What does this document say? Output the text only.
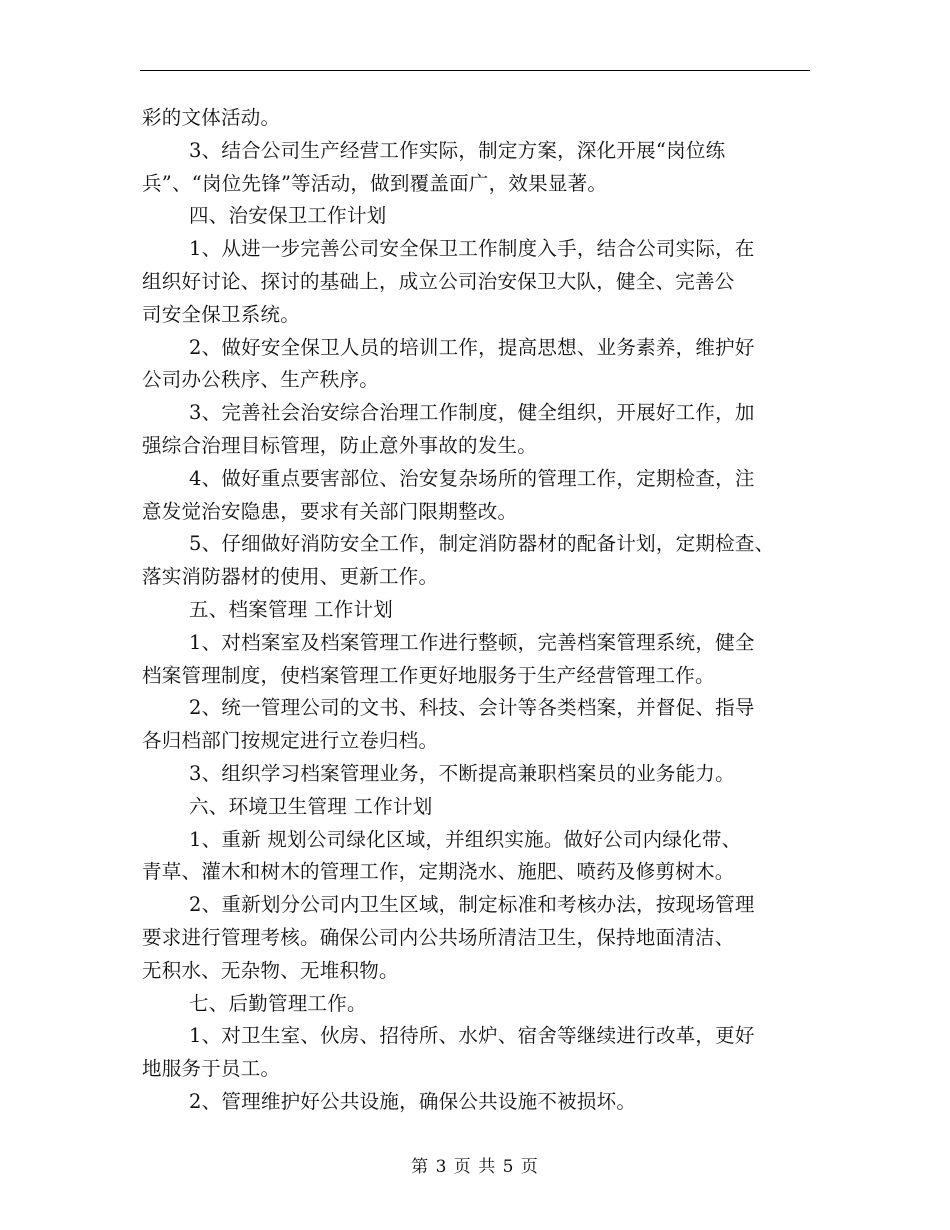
彩的文体活动。
3、结合公司生产经营工作实际，制定方案，深化开展“岗位练
兵”、“岗位先锋”等活动，做到覆盖面广，效果显著。
四、治安保卫工作计划
1、从进一步完善公司安全保卫工作制度入手，结合公司实际，在
组织好讨论、探讨的基础上，成立公司治安保卫大队，健全、完善公
司安全保卫系统。
2、做好安全保卫人员的培训工作，提高思想、业务素养，维护好
公司办公秩序、生产秩序。
3、完善社会治安综合治理工作制度，健全组织，开展好工作，加
强综合治理目标管理，防止意外事故的发生。
4、做好重点要害部位、治安复杂场所的管理工作，定期检查，注
意发觉治安隐患，要求有关部门限期整改。
5、仔细做好消防安全工作，制定消防器材的配备计划，定期检查、
落实消防器材的使用、更新工作。
五、档案管理 工作计划
1、对档案室及档案管理工作进行整顿，完善档案管理系统，健全
档案管理制度，使档案管理工作更好地服务于生产经营管理工作。
2、统一管理公司的文书、科技、会计等各类档案，并督促、指导
各归档部门按规定进行立卷归档。
3、组织学习档案管理业务，不断提高兼职档案员的业务能力。
六、环境卫生管理 工作计划
1、重新 规划公司绿化区域，并组织实施。做好公司内绿化带、
青草、灌木和树木的管理工作，定期浇水、施肥、喷药及修剪树木。
2、重新划分公司内卫生区域，制定标准和考核办法，按现场管理
要求进行管理考核。确保公司内公共场所清洁卫生，保持地面清洁、
无积水、无杂物、无堆积物。
七、后勤管理工作。
1、对卫生室、伙房、招待所、水炉、宿舍等继续进行改革，更好
地服务于员工。
2、管理维护好公共设施，确保公共设施不被损坏。
第 3 页 共 5 页
